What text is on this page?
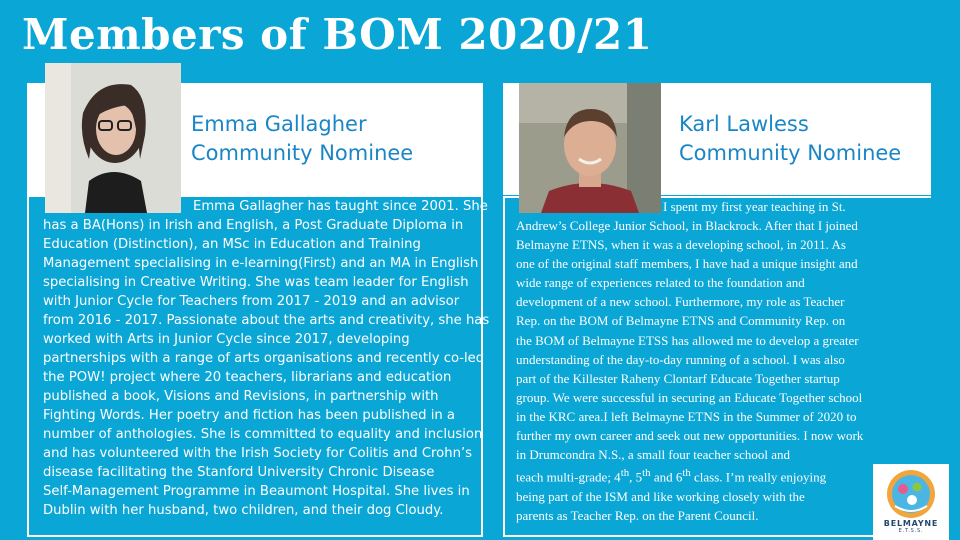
Members of BOM 2020/21
Emma Gallagher
Community Nominee
Emma Gallagher has taught since 2001. She
has a BA(Hons) in Irish and English, a Post Graduate Diploma in
Education (Distinction), an MSc in Education and Training
Management specialising in e-learning(First) and an MA in English
specialising in Creative Writing. She was team leader for English
with Junior Cycle for Teachers from 2017 - 2019 and an advisor
from 2016 - 2017. Passionate about the arts and creativity, she has
worked with Arts in Junior Cycle since 2017, developing
partnerships with a range of arts organisations and recently co-led
the POW! project where 20 teachers, librarians and education
published a book, Visions and Revisions, in partnership with
Fighting Words. Her poetry and fiction has been published in a
number of anthologies. She is committed to equality and inclusion
and has volunteered with the Irish Society for Colitis and Crohn’s
disease facilitating the Stanford University Chronic Disease
Self-Management Programme in Beaumont Hospital. She lives in
Dublin with her husband, two children, and their dog Cloudy.
Karl Lawless
Community Nominee
I spent my first year teaching in St.
Andrew’s College Junior School, in Blackrock. After that I joined
Belmayne ETNS, when it was a developing school, in 2011. As
one of the original staff members, I have had a unique insight and
wide range of experiences related to the foundation and
development of a new school. Furthermore, my role as Teacher
Rep. on the BOM of Belmayne ETNS and Community Rep. on
the BOM of Belmayne ETSS has allowed me to develop a greater
understanding of the day-to-day running of a school. I was also
part of the Killester Raheny Clontarf Educate Together startup
group. We were successful in securing an Educate Together school
in the KRC area.I left Belmayne ETNS in the Summer of 2020 to
further my own career and seek out new opportunities. I now work
in Drumcondra N.S., a small four teacher school and
teach multi-grade; 4th, 5th and 6th class. I’m really enjoying
being part of the ISM and like working closely with the
parents as Teacher Rep. on the Parent Council.
BELMAYNE
E.T.S.S.
